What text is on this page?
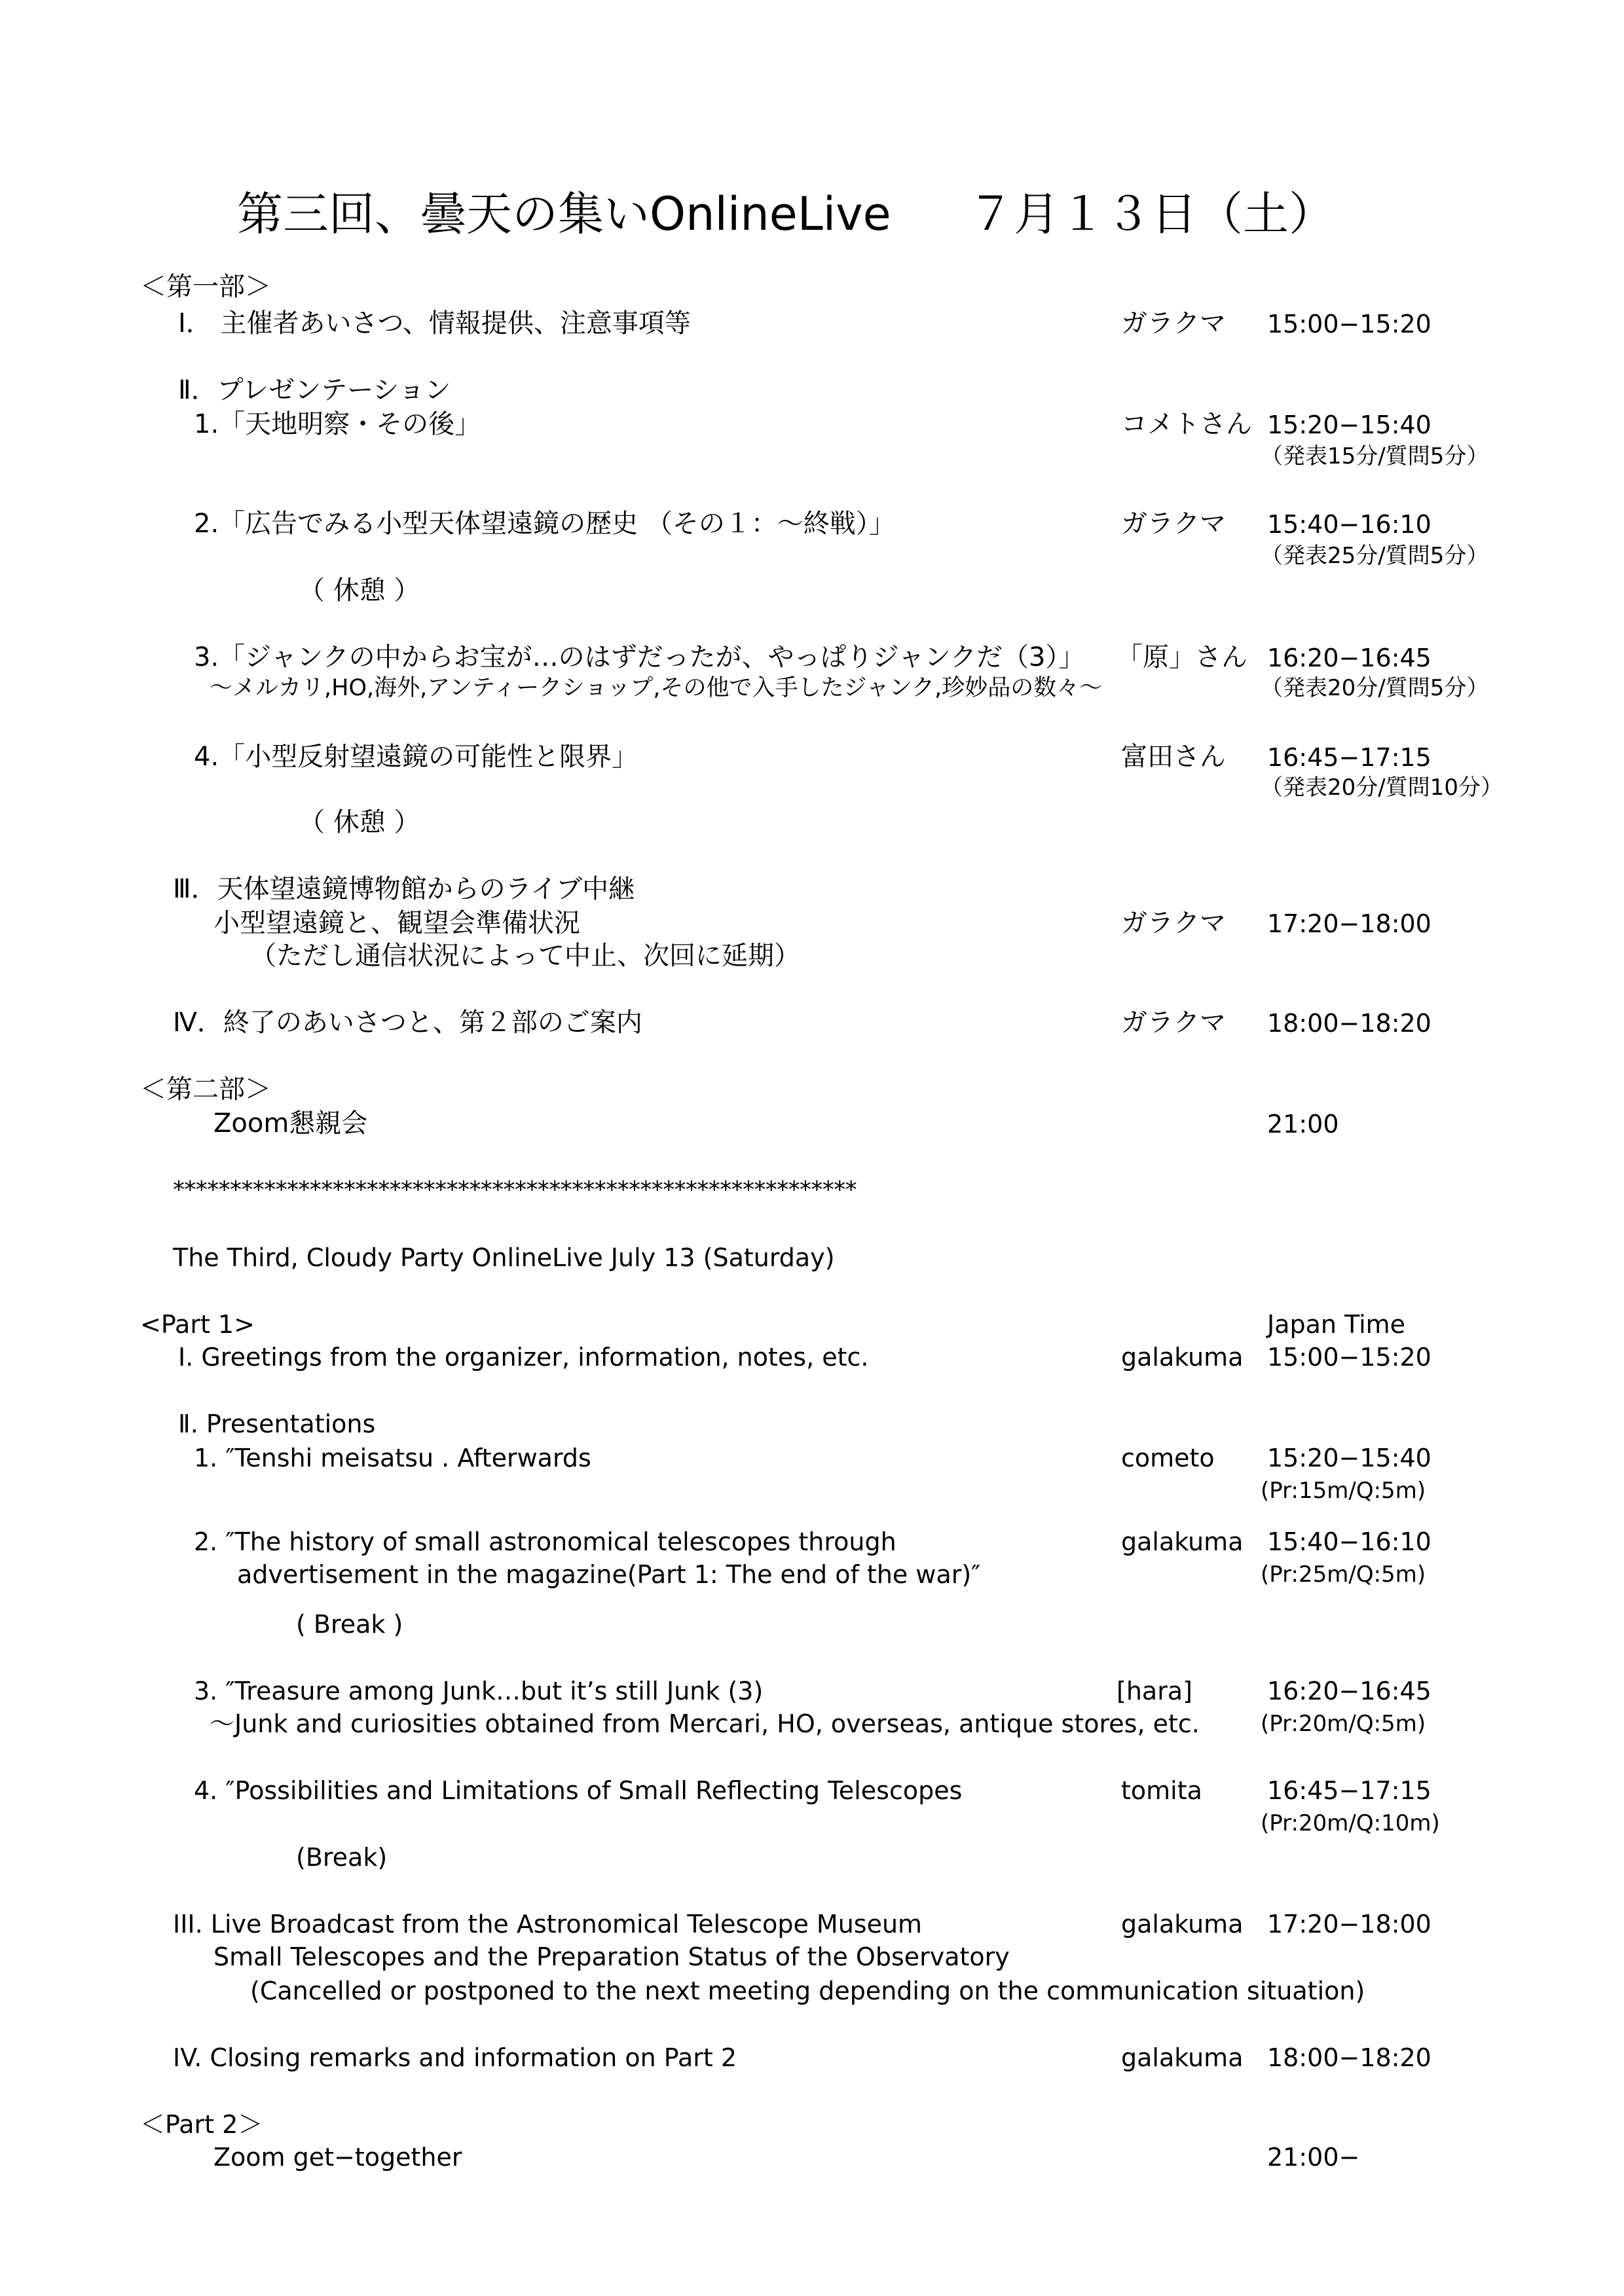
第三回、曇天の集いOnlineLive ７月１３日（土）
＜第一部＞
Ⅰ． 主催者あいさつ、情報提供、注意事項等	ガラクマ 15:00−15:20
Ⅱ．プレゼンテーション
1.「天地明察・その後」	コメトさん 15:20−15:40
（発表15分/質問5分）
2.「広告でみる小型天体望遠鏡の歴史 （その１：～終戦）」	ガラクマ 15:40−16:10
（発表25分/質問5分）
（ 休憩 ）
3.「ジャンクの中からお宝が…のはずだったが、やっぱりジャンクだ（3）」 「原」さん 16:20−16:45
～メルカリ,HO,海外,アンティークショップ,その他で入手したジャンク,珍妙品の数々～	（発表20分/質問5分）
4.「小型反射望遠鏡の可能性と限界」	富田さん 16:45−17:15
（発表20分/質問10分）
（ 休憩 ）
Ⅲ．天体望遠鏡博物館からのライブ中継
小型望遠鏡と、観望会準備状況	ガラクマ 17:20−18:00
（ただし通信状況によって中止、次回に延期）
Ⅳ．終了のあいさつと、第２部のご案内	ガラクマ 18:00−18:20
＜第二部＞
Zoom懇親会	21:00
************************************************************
The Third, Cloudy Party OnlineLive July 13 (Saturday)
<Part 1>	Japan Time
Ⅰ. Greetings from the organizer, information, notes, etc.	galakuma 15:00−15:20
Ⅱ. Presentations
1. ″Tenshi meisatsu . Afterwards	cometo 15:20−15:40
(Pr:15m/Q:5m)
2. ″The history of small astronomical telescopes through	galakuma 15:40−16:10
advertisement in the magazine(Part 1: The end of the war)″	(Pr:25m/Q:5m)
( Break )
3. ″Treasure among Junk…but it’s still Junk (3)	[hara]	16:20−16:45
～Junk and curiosities obtained from Mercari, HO, overseas, antique stores, etc.	(Pr:20m/Q:5m)
4. ″Possibilities and Limitations of Small Reflecting Telescopes	tomita	16:45−17:15
(Pr:20m/Q:10m)
(Break)
III. Live Broadcast from the Astronomical Telescope Museum	galakuma 17:20−18:00
Small Telescopes and the Preparation Status of the Observatory
(Cancelled or postponed to the next meeting depending on the communication situation)
IV. Closing remarks and information on Part 2	galakuma 18:00−18:20
＜Part 2＞
Zoom get−together	21:00−
